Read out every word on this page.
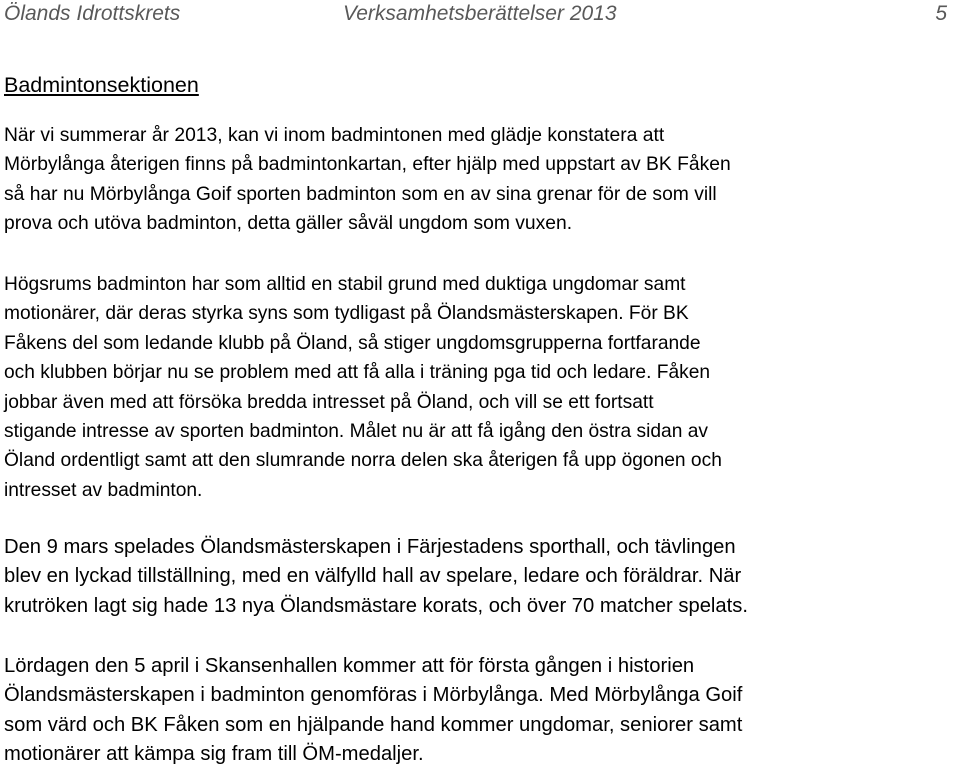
Ölands Idrottskrets	Verksamhetsberättelser 2013	5
Badmintonsektionen

När vi summerar år 2013, kan vi inom badmintonen med glädje konstatera att
Mörbylånga återigen finns på badmintonkartan, efter hjälp med uppstart av BK Fåken
så har nu Mörbylånga Goif sporten badminton som en av sina grenar för de som vill
prova och utöva badminton, detta gäller såväl ungdom som vuxen.

Högsrums badminton har som alltid en stabil grund med duktiga ungdomar samt
motionärer, där deras styrka syns som tydligast på Ölandsmästerskapen. För BK
Fåkens del som ledande klubb på Öland, så stiger ungdomsgrupperna fortfarande
och klubben börjar nu se problem med att få alla i träning pga tid och ledare. Fåken
jobbar även med att försöka bredda intresset på Öland, och vill se ett fortsatt
stigande intresse av sporten badminton. Målet nu är att få igång den östra sidan av
Öland ordentligt samt att den slumrande norra delen ska återigen få upp ögonen och
intresset av badminton.

Den 9 mars spelades Ölandsmästerskapen i Färjestadens sporthall, och tävlingen
blev en lyckad tillställning, med en välfylld hall av spelare, ledare och föräldrar. När
krutröken lagt sig hade 13 nya Ölandsmästare korats, och över 70 matcher spelats.

Lördagen den 5 april i Skansenhallen kommer att för första gången i historien
Ölandsmästerskapen i badminton genomföras i Mörbylånga. Med Mörbylånga Goif
som värd och BK Fåken som en hjälpande hand kommer ungdomar, seniorer samt
motionärer att kämpa sig fram till ÖM-medaljer.
